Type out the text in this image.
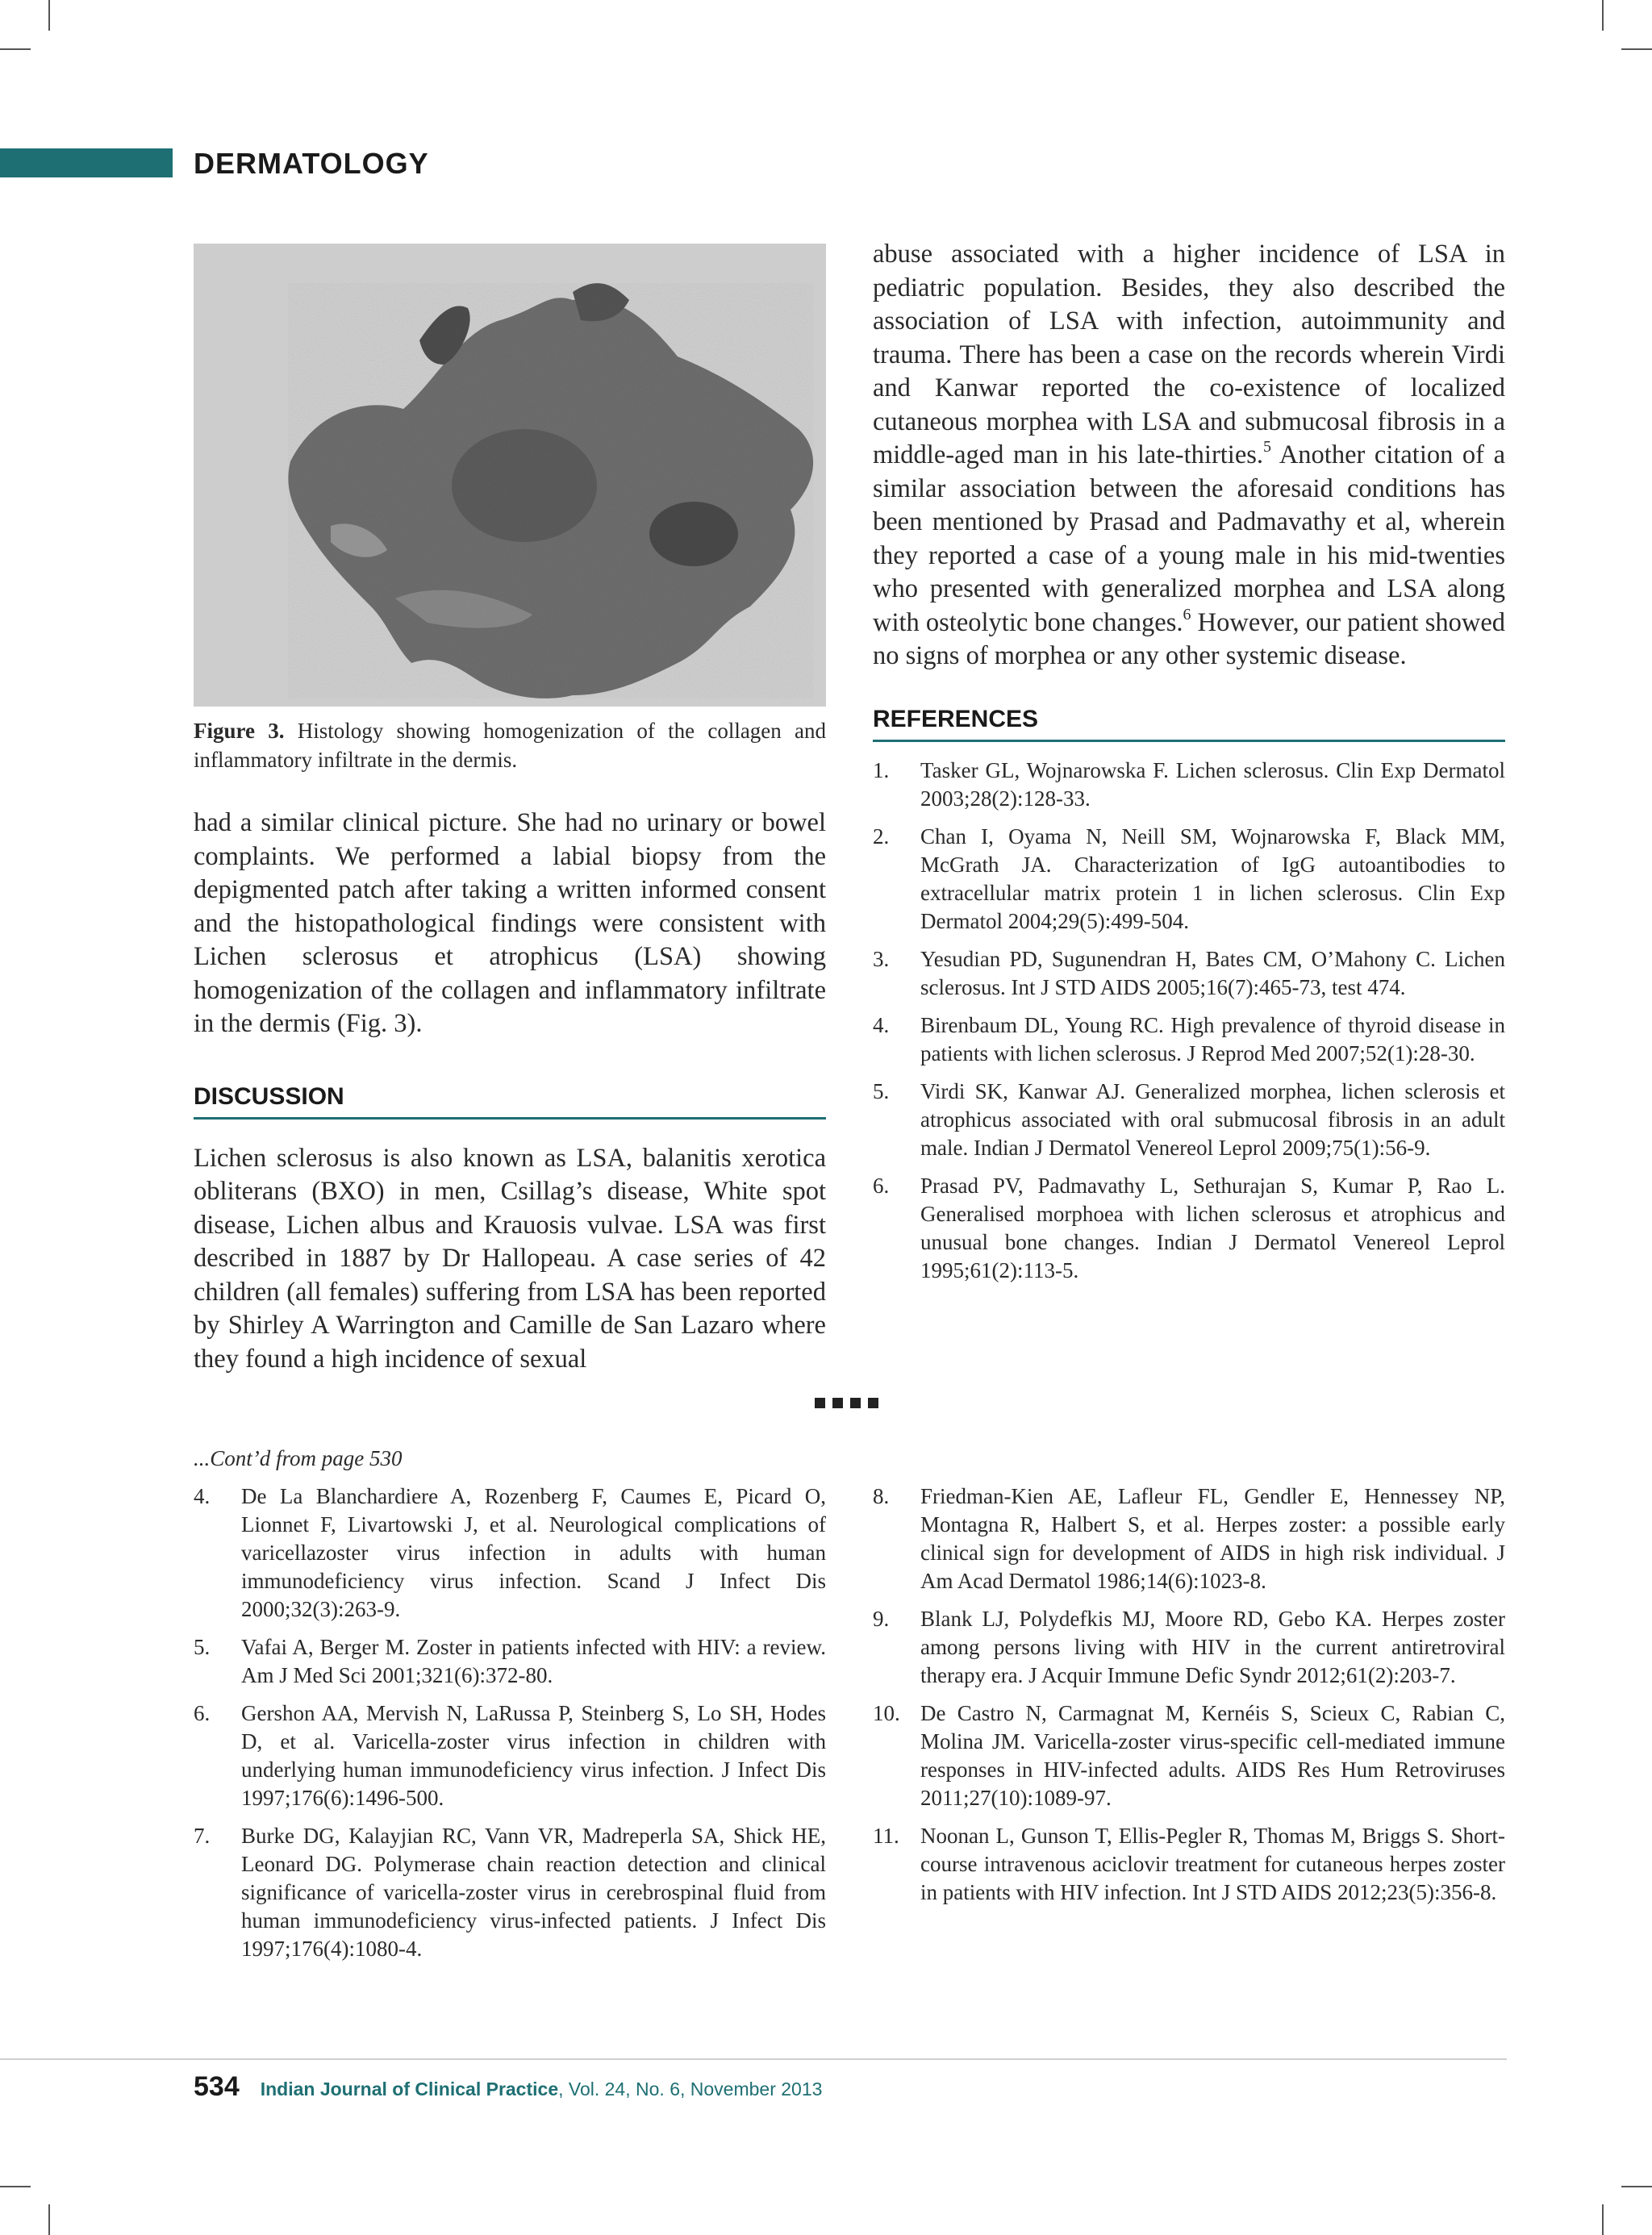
DERMATOLOGY
Figure 3. Histology showing homogenization of the collagen and inflammatory infiltrate in the dermis.

had a similar clinical picture. She had no urinary or bowel complaints. We performed a labial biopsy from the depigmented patch after taking a written informed consent and the histopathological findings were consistent with Lichen sclerosus et atrophicus (LSA) showing homogenization of the collagen and inflammatory infiltrate in the dermis (Fig. 3).

DISCUSSION

Lichen sclerosus is also known as LSA, balanitis xerotica obliterans (BXO) in men, Csillag’s disease, White spot disease, Lichen albus and Krauosis vulvae. LSA was first described in 1887 by Dr Hallopeau. A case series of 42 children (all females) suffering from LSA has been reported by Shirley A Warrington and Camille de San Lazaro where they found a high incidence of sexual

abuse associated with a higher incidence of LSA in pediatric population. Besides, they also described the association of LSA with infection, autoimmunity and trauma. There has been a case on the records wherein Virdi and Kanwar reported the co-existence of localized cutaneous morphea with LSA and submucosal fibrosis in a middle-aged man in his late-thirties.$^5$ Another citation of a similar association between the aforesaid conditions has been mentioned by Prasad and Padmavathy et al, wherein they reported a case of a young male in his mid-twenties who presented with generalized morphea and LSA along with osteolytic bone changes.$^6$ However, our patient showed no signs of morphea or any other systemic disease.

REFERENCES
1. Tasker GL, Wojnarowska F. Lichen sclerosus. Clin Exp Dermatol 2003;28(2):128-33.
2. Chan I, Oyama N, Neill SM, Wojnarowska F, Black MM, McGrath JA. Characterization of IgG autoantibodies to extracellular matrix protein 1 in lichen sclerosus. Clin Exp Dermatol 2004;29(5):499-504.
3. Yesudian PD, Sugunendran H, Bates CM, O’Mahony C. Lichen sclerosus. Int J STD AIDS 2005;16(7):465-73, test 474.
4. Birenbaum DL, Young RC. High prevalence of thyroid disease in patients with lichen sclerosus. J Reprod Med 2007;52(1):28-30.
5. Virdi SK, Kanwar AJ. Generalized morphea, lichen sclerosis et atrophicus associated with oral submucosal fibrosis in an adult male. Indian J Dermatol Venereol Leprol 2009;75(1):56-9.
6. Prasad PV, Padmavathy L, Sethurajan S, Kumar P, Rao L. Generalised morphoea with lichen sclerosus et atrophicus and unusual bone changes. Indian J Dermatol Venereol Leprol 1995;61(2):113-5.
...Cont’d from page 530
4. De La Blanchardiere A, Rozenberg F, Caumes E, Picard O, Lionnet F, Livartowski J, et al. Neurological complications of varicellazoster virus infection in adults with human immunodeficiency virus infection. Scand J Infect Dis 2000;32(3):263-9.
5. Vafai A, Berger M. Zoster in patients infected with HIV: a review. Am J Med Sci 2001;321(6):372-80.
6. Gershon AA, Mervish N, LaRussa P, Steinberg S, Lo SH, Hodes D, et al. Varicella-zoster virus infection in children with underlying human immunodeficiency virus infection. J Infect Dis 1997;176(6):1496-500.
7. Burke DG, Kalayjian RC, Vann VR, Madreperla SA, Shick HE, Leonard DG. Polymerase chain reaction detection and clinical significance of varicella-zoster virus in cerebrospinal fluid from human immunodeficiency virus-infected patients. J Infect Dis 1997;176(4):1080-4.
8. Friedman-Kien AE, Lafleur FL, Gendler E, Hennessey NP, Montagna R, Halbert S, et al. Herpes zoster: a possible early clinical sign for development of AIDS in high risk individual. J Am Acad Dermatol 1986;14(6):1023-8.
9. Blank LJ, Polydefkis MJ, Moore RD, Gebo KA. Herpes zoster among persons living with HIV in the current antiretroviral therapy era. J Acquir Immune Defic Syndr 2012;61(2):203-7.
10. De Castro N, Carmagnat M, Kernéis S, Scieux C, Rabian C, Molina JM. Varicella-zoster virus-specific cell-mediated immune responses in HIV-infected adults. AIDS Res Hum Retroviruses 2011;27(10):1089-97.
11. Noonan L, Gunson T, Ellis-Pegler R, Thomas M, Briggs S. Short-course intravenous aciclovir treatment for cutaneous herpes zoster in patients with HIV infection. Int J STD AIDS 2012;23(5):356-8.
534 Indian Journal of Clinical Practice, Vol. 24, No. 6, November 2013
